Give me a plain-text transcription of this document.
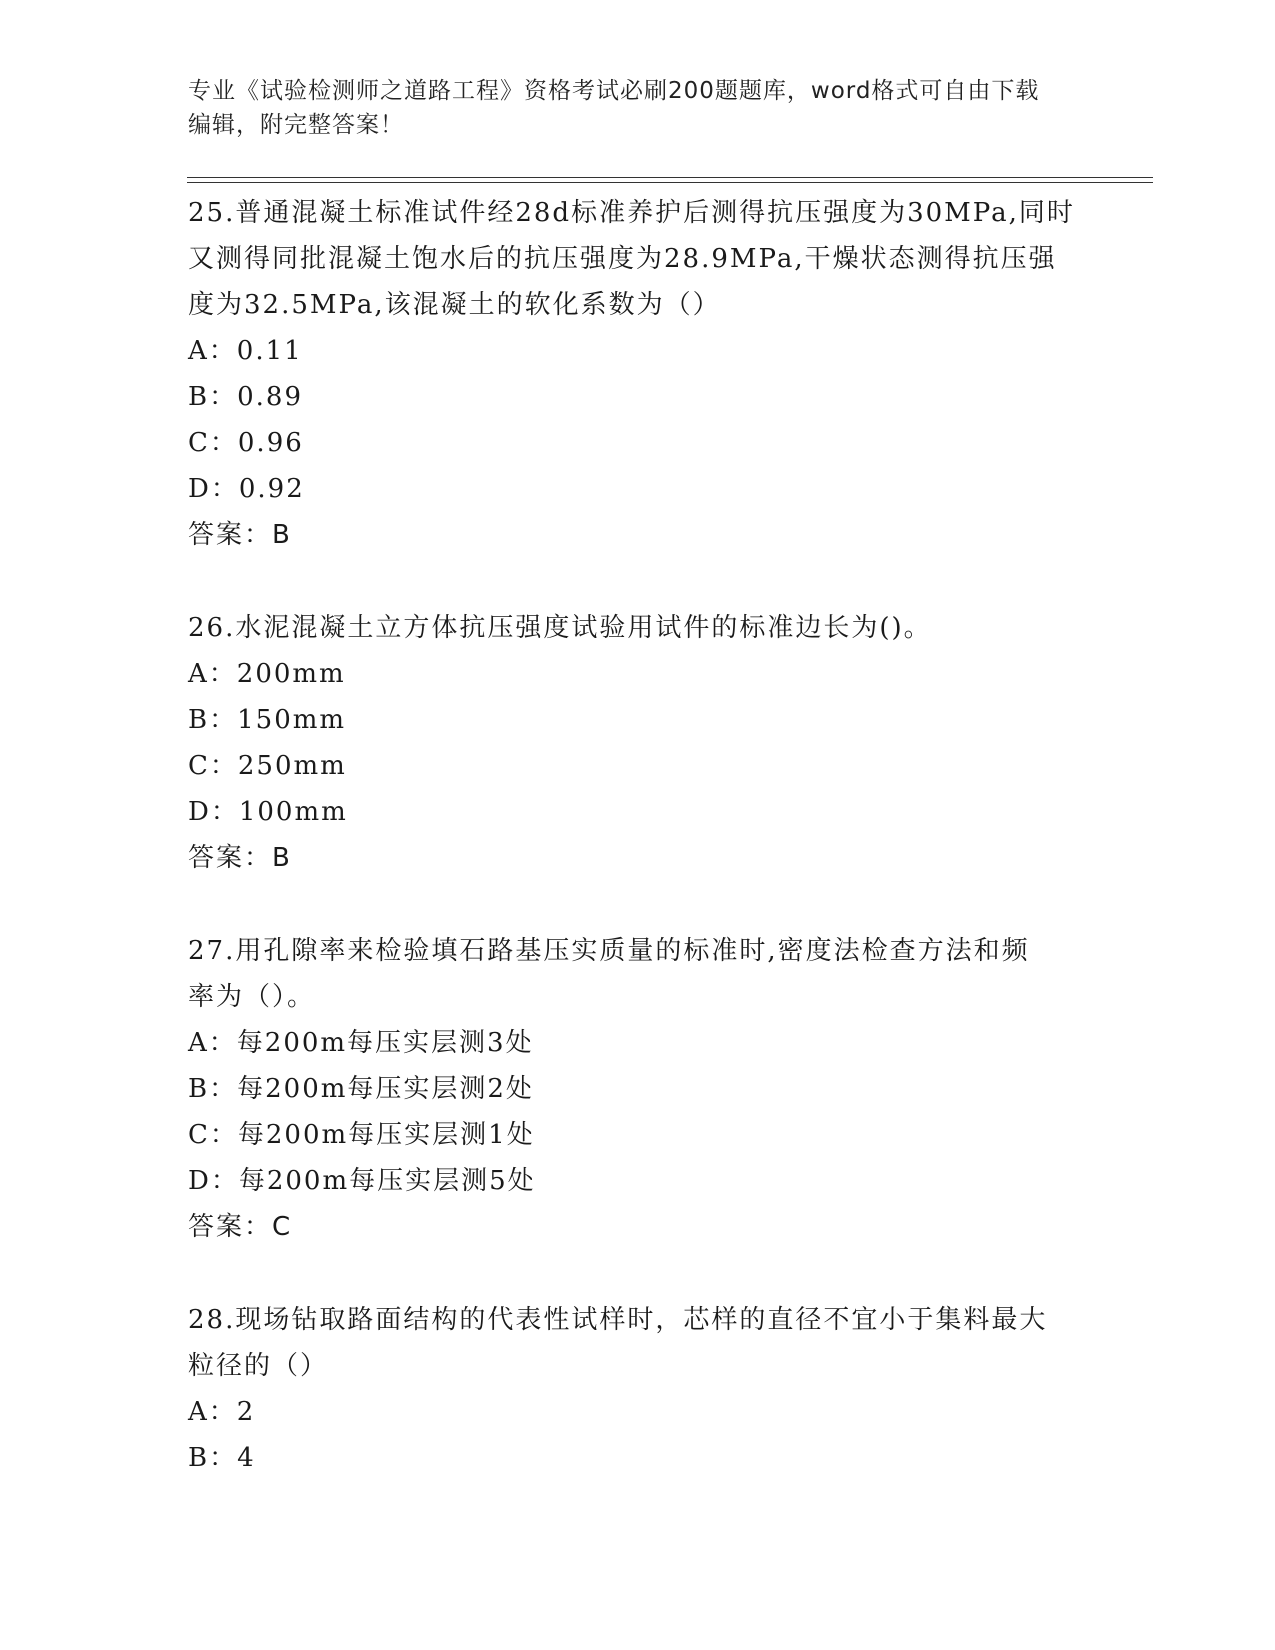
专业《试验检测师之道路工程》资格考试必刷200题题库，word格式可自由下载
编辑，附完整答案！
25.普通混凝土标准试件经28d标准养护后测得抗压强度为30MPa,同时
又测得同批混凝土饱水后的抗压强度为28.9MPa,干燥状态测得抗压强
度为32.5MPa,该混凝土的软化系数为（）
A：0.11
B：0.89
C：0.96
D：0.92
答案：B
26.水泥混凝土立方体抗压强度试验用试件的标准边长为()。
A：200mm
B：150mm
C：250mm
D：100mm
答案：B
27.用孔隙率来检验填石路基压实质量的标准时,密度法检查方法和频
率为（）。
A：每200m每压实层测3处
B：每200m每压实层测2处
C：每200m每压实层测1处
D：每200m每压实层测5处
答案：C
28.现场钻取路面结构的代表性试样时，芯样的直径不宜小于集料最大
粒径的（）
A：2
B：4
